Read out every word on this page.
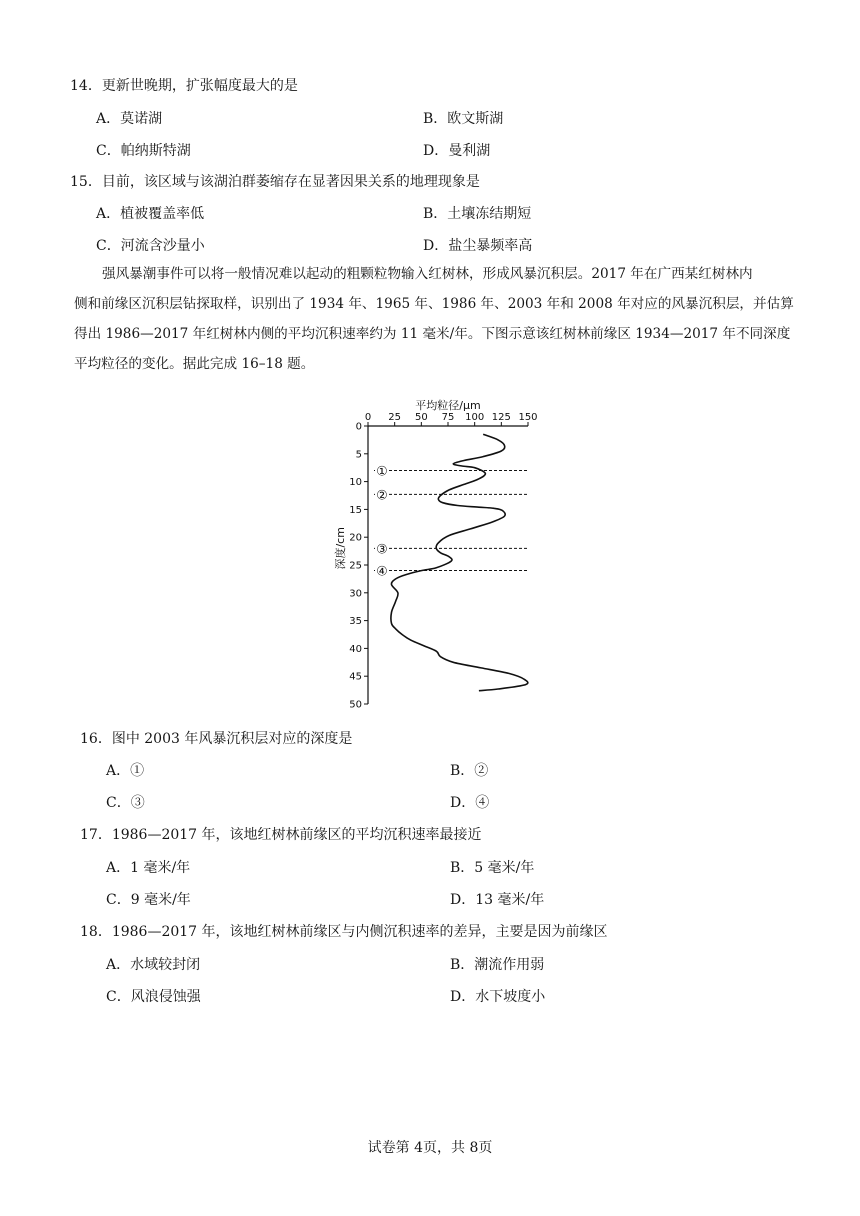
14．更新世晚期，扩张幅度最大的是
A．莫诺湖	B．欧文斯湖
C．帕纳斯特湖	D．曼利湖
15．目前，该区域与该湖泊群萎缩存在显著因果关系的地理现象是
A．植被覆盖率低	B．土壤冻结期短
C．河流含沙量小	D．盐尘暴频率高
强风暴潮事件可以将一般情况难以起动的粗颗粒物输入红树林，形成风暴沉积层。2017 年在广西某红树林内
侧和前缘区沉积层钻探取样，识别出了 1934 年、1965 年、1986 年、2003 年和 2008 年对应的风暴沉积层，并估算
得出 1986—2017 年红树林内侧的平均沉积速率约为 11 毫米/年。下图示意该红树林前缘区 1934—2017 年不同深度
平均粒径的变化。据此完成 16–18 题。
平均粒径/μm
0 25 50 75 100 125 150
0
5
10
15
20
25
30
35
40
45
50
深度/cm
①
②
③
④
16．图中 2003 年风暴沉积层对应的深度是
A．①	B．②
C．③	D．④
17．1986—2017 年，该地红树林前缘区的平均沉积速率最接近
A．1 毫米/年	B．5 毫米/年
C．9 毫米/年	D．13 毫米/年
18．1986—2017 年，该地红树林前缘区与内侧沉积速率的差异，主要是因为前缘区
A．水域较封闭	B．潮流作用弱
C．风浪侵蚀强	D．水下坡度小
试卷第 4页，共 8页
